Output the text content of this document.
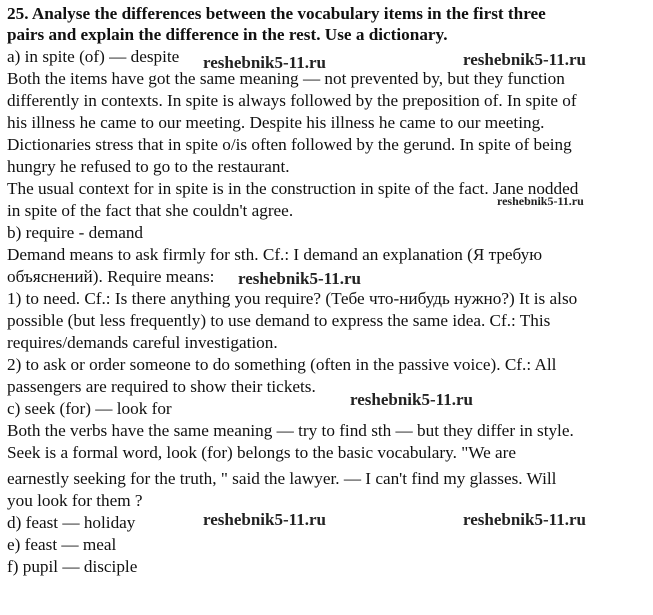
25. Analyse the differences between the vocabulary items in the first three
pairs and explain the difference in the rest. Use a dictionary.
a) in spite (of) — despite
Both the items have got the same meaning — not prevented by, but they function
differently in contexts. In spite is always followed by the preposition of. In spite of
his illness he came to our meeting. Despite his illness he came to our meeting.
Dictionaries stress that in spite o/is often followed by the gerund. In spite of being
hungry he refused to go to the restaurant.
The usual context for in spite is in the construction in spite of the fact. Jane nodded
in spite of the fact that she couldn't agree.
b) require - demand
Demand means to ask firmly for sth. Cf.: I demand an explanation (Я требую
объяснений). Require means:
1) to need. Cf.: Is there anything you require? (Тебе что-нибудь нужно?) It is also
possible (but less frequently) to use demand to express the same idea. Cf.: This
requires/demands careful investigation.
2) to ask or order someone to do something (often in the passive voice). Cf.: All
passengers are required to show their tickets.
c) seek (for) — look for
Both the verbs have the same meaning — try to find sth — but they differ in style.
Seek is a formal word, look (for) belongs to the basic vocabulary. "We are
earnestly seeking for the truth, " said the lawyer. — I can't find my glasses. Will
you look for them ?
d) feast — holiday
e) feast — meal
f) pupil — disciple
reshebnik5-11.ru	reshebnik5-11.ru
reshebnik5-11.ru
reshebnik5-11.ru
reshebnik5-11.ru
reshebnik5-11.ru	reshebnik5-11.ru
